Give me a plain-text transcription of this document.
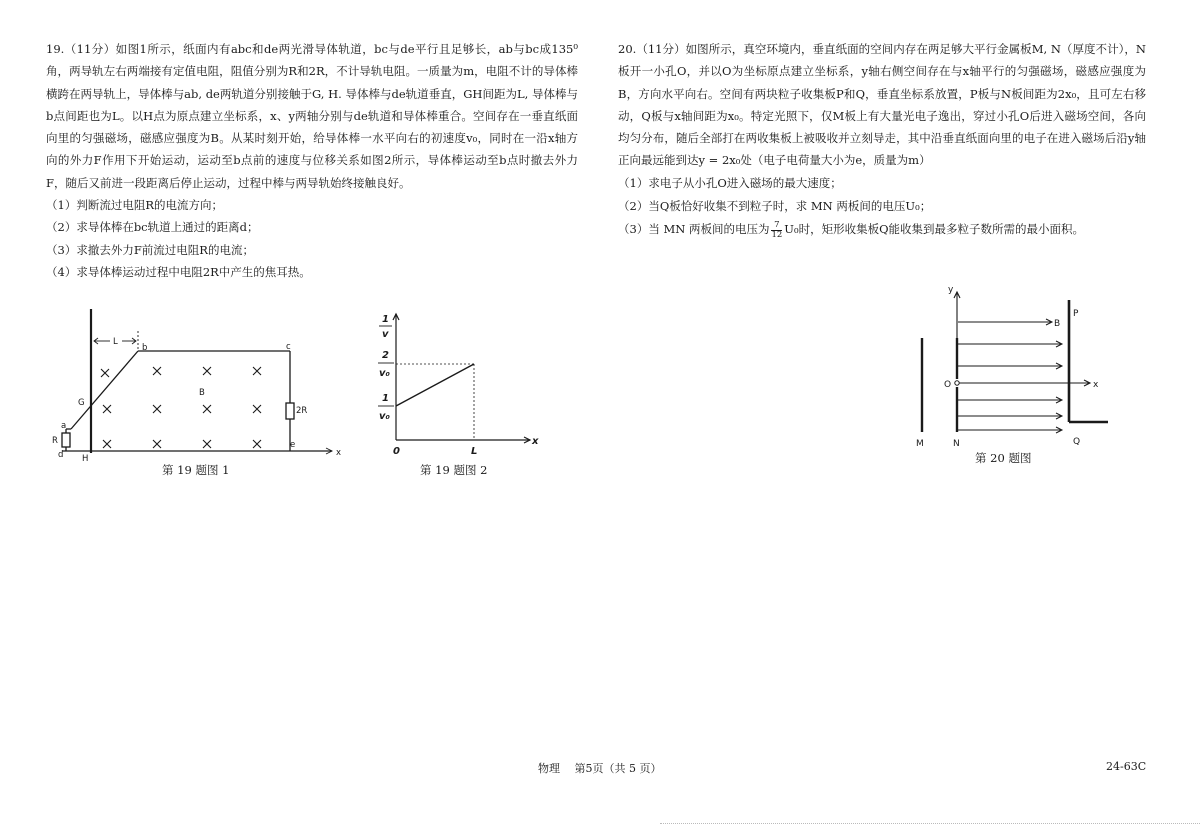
19.（11分）如图1所示，纸面内有abc和de两光滑导体轨道，bc与de平行且足够长，ab与bc成135⁰角，两导轨左右两端接有定值电阻，阻值分别为R和2R，不计导轨电阻。一质量为m，电阻不计的导体棒横跨在两导轨上，导体棒与ab, de两轨道分别接触于G, H. 导体棒与de轨道垂直，GH间距为L, 导体棒与b点间距也为L。以H点为原点建立坐标系，x、y两轴分别与de轨道和导体棒重合。空间存在一垂直纸面向里的匀强磁场，磁感应强度为B。从某时刻开始，给导体棒一水平向右的初速度v₀，同时在一沿x轴方向的外力F作用下开始运动，运动至b点前的速度与位移关系如图2所示，导体棒运动至b点时撤去外力F，随后又前进一段距离后停止运动，过程中棒与两导轨始终接触良好。

（1）判断流过电阻R的电流方向；
（2）求导体棒在bc轨道上通过的距离d；
（3）求撤去外力F前流过电阻R的电流；
（4）求导体棒运动过程中电阻2R中产生的焦耳热。
L
b	c
G
a
R
d H
B
2R
e
x
第 19 题图 1
1
v
2
v₀
1
v₀
0	L
x
第 19 题图 2

20.（11分）如图所示，真空环境内，垂直纸面的空间内存在两足够大平行金属板M, N（厚度不计），N板开一小孔O，并以O为坐标原点建立坐标系，y轴右侧空间存在与x轴平行的匀强磁场，磁感应强度为B，方向水平向右。空间有两块粒子收集板P和Q，垂直坐标系放置，P板与N板间距为2x₀，且可左右移动，Q板与x轴间距为x₀。特定光照下，仅M板上有大量光电子逸出，穿过小孔O后进入磁场空间，各向均匀分布，随后全部打在两收集板上被吸收并立刻导走，其中沿垂直纸面向里的电子在进入磁场后沿y轴正向最远能到达y = 2x₀处（电子电荷量大小为e，质量为m）

（1）求电子从小孔O进入磁场的最大速度；
（2）当Q板恰好收集不到粒子时，求 MN 两板间的电压U₀；
（3）当 MN 两板间的电压为 $\frac{7}{12} U_0$时，矩形收集板Q能收集到最多粒子数所需的最小面积。
y
B
P
O	x
M	N	Q
第 20 题图
物理　 第5页（共 5 页）	24-63C
